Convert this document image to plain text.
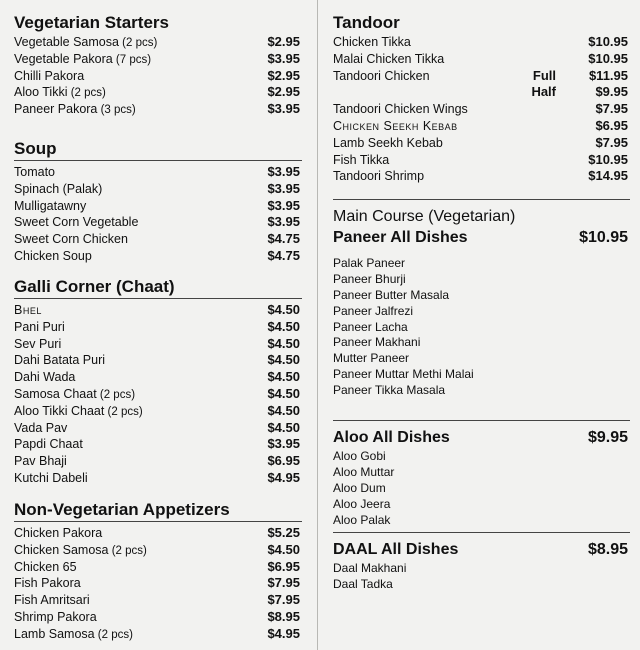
Vegetarian Starters
Vegetable Samosa (2 pcs)	$2.95
Vegetable Pakora (7 pcs)	$3.95
Chilli Pakora	$2.95
Aloo Tikki (2 pcs)	$2.95
Paneer Pakora (3 pcs)	$3.95
Soup
Tomato	$3.95
Spinach (Palak)	$3.95
Mulligatawny	$3.95
Sweet Corn Vegetable	$3.95
Sweet Corn Chicken	$4.75
Chicken Soup	$4.75
Galli Corner (Chaat)
Bhel	$4.50
Pani Puri	$4.50
Sev Puri	$4.50
Dahi Batata Puri	$4.50
Dahi Wada	$4.50
Samosa Chaat (2 pcs)	$4.50
Aloo Tikki Chaat (2 pcs)	$4.50
Vada Pav	$4.50
Papdi Chaat	$3.95
Pav Bhaji	$6.95
Kutchi Dabeli	$4.95
Non-Vegetarian Appetizers
Chicken Pakora	$5.25
Chicken Samosa (2 pcs)	$4.50
Chicken 65	$6.95
Fish Pakora	$7.95
Fish Amritsari	$7.95
Shrimp Pakora	$8.95
Lamb Samosa (2 pcs)	$4.95
Tandoor
Chicken Tikka	$10.95
Malai Chicken Tikka	$10.95
Tandoori Chicken	Full	$11.95
Half	$9.95
Tandoori Chicken Wings	$7.95
Chicken Seekh Kebab	$6.95
Lamb Seekh Kebab	$7.95
Fish Tikka	$10.95
Tandoori Shrimp	$14.95
Main Course (Vegetarian)
Paneer All Dishes	$10.95
Palak Paneer
Paneer Bhurji
Paneer Butter Masala
Paneer Jalfrezi
Paneer Lacha
Paneer Makhani
Mutter Paneer
Paneer Muttar Methi Malai
Paneer Tikka Masala
Aloo All Dishes	$9.95
Aloo Gobi
Aloo Muttar
Aloo Dum
Aloo Jeera
Aloo Palak
DAAL All Dishes	$8.95
Daal Makhani
Daal Tadka
